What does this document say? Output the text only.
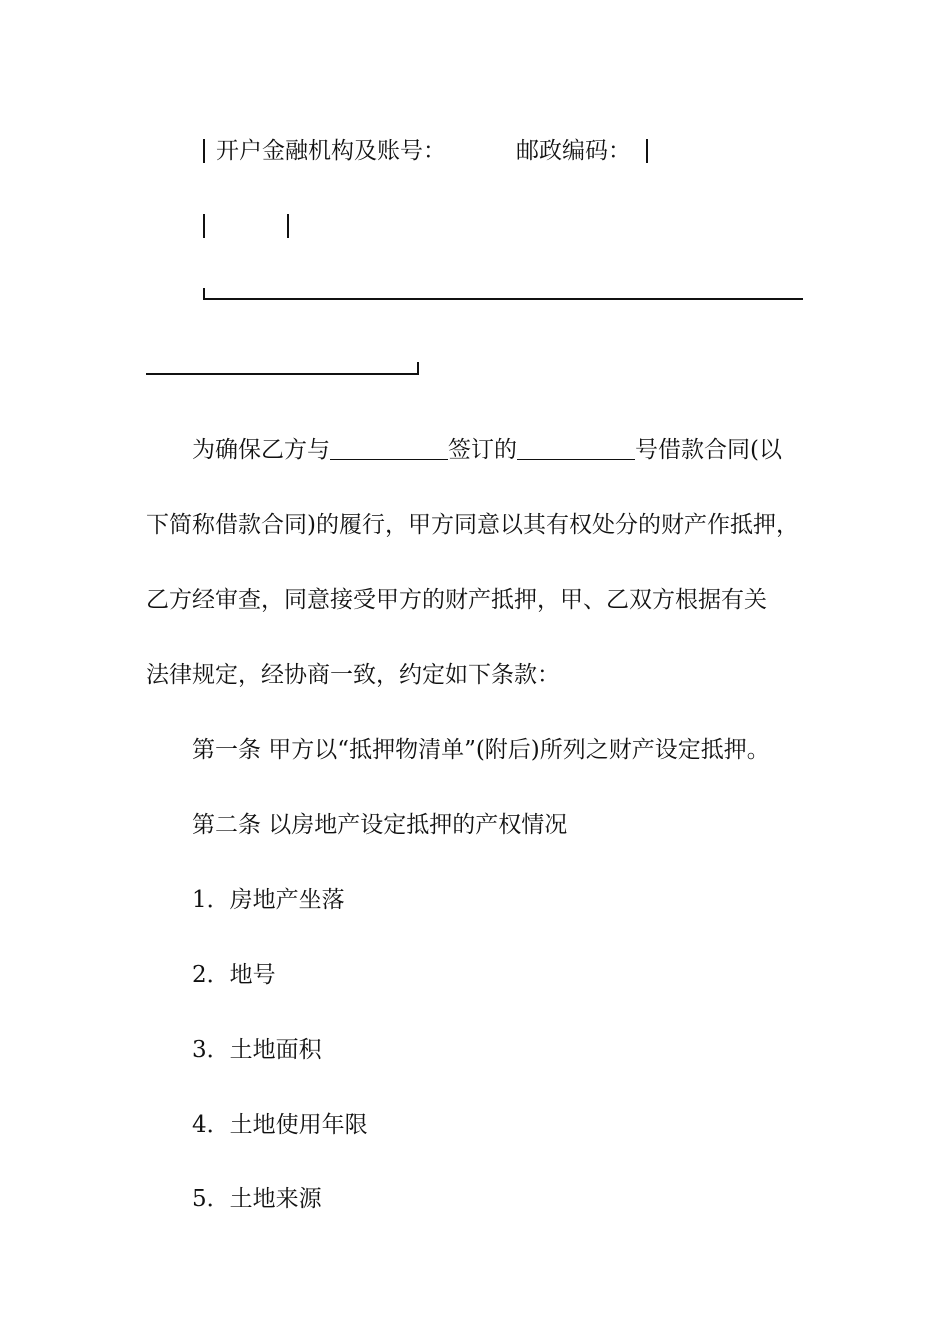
开户金融机构及账号：	邮政编码：
为确保乙方与	签订的	号借款合同(以
下简称借款合同)的履行，甲方同意以其有权处分的财产作抵押，
乙方经审查，同意接受甲方的财产抵押，甲、乙双方根据有关
法律规定，经协商一致，约定如下条款：
第一条 甲方以“抵押物清单”(附后)所列之财产设定抵押。
第二条 以房地产设定抵押的产权情况
1．房地产坐落
2．地号
3．土地面积
4．土地使用年限
5．土地来源
